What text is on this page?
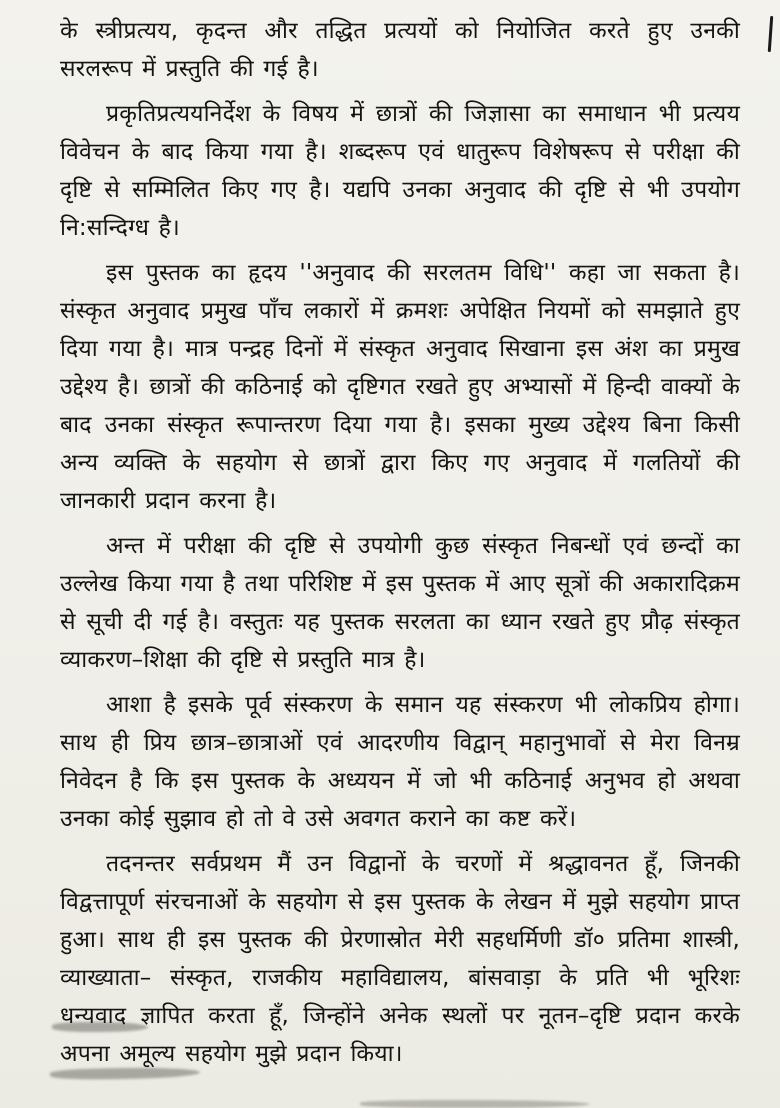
के स्त्रीप्रत्यय, कृदन्त और तद्धित प्रत्ययों को नियोजित करते हुए उनकी सरलरूप में प्रस्तुति की गई है।

प्रकृतिप्रत्ययनिर्देश के विषय में छात्रों की जिज्ञासा का समाधान भी प्रत्यय विवेचन के बाद किया गया है। शब्दरूप एवं धातुरूप विशेषरूप से परीक्षा की दृष्टि से सम्मिलित किए गए है। यद्यपि उनका अनुवाद की दृष्टि से भी उपयोग नि:सन्दिग्ध है।

इस पुस्तक का हृदय ''अनुवाद की सरलतम विधि'' कहा जा सकता है। संस्कृत अनुवाद प्रमुख पाँच लकारों में क्रमशः अपेक्षित नियमों को समझाते हुए दिया गया है। मात्र पन्द्रह दिनों में संस्कृत अनुवाद सिखाना इस अंश का प्रमुख उद्देश्य है। छात्रों की कठिनाई को दृष्टिगत रखते हुए अभ्यासों में हिन्दी वाक्यों के बाद उनका संस्कृत रूपान्तरण दिया गया है। इसका मुख्य उद्देश्य बिना किसी अन्य व्यक्ति के सहयोग से छात्रों द्वारा किए गए अनुवाद में गलतियों की जानकारी प्रदान करना है।

अन्त में परीक्षा की दृष्टि से उपयोगी कुछ संस्कृत निबन्धों एवं छन्दों का उल्लेख किया गया है तथा परिशिष्ट में इस पुस्तक में आए सूत्रों की अकारादिक्रम से सूची दी गई है। वस्तुतः यह पुस्तक सरलता का ध्यान रखते हुए प्रौढ़ संस्कृत व्याकरण–शिक्षा की दृष्टि से प्रस्तुति मात्र है।

आशा है इसके पूर्व संस्करण के समान यह संस्करण भी लोकप्रिय होगा। साथ ही प्रिय छात्र–छात्राओं एवं आदरणीय विद्वान् महानुभावों से मेरा विनम्र निवेदन है कि इस पुस्तक के अध्ययन में जो भी कठिनाई अनुभव हो अथवा उनका कोई सुझाव हो तो वे उसे अवगत कराने का कष्ट करें।

तदनन्तर सर्वप्रथम मैं उन विद्वानों के चरणों में श्रद्धावनत हूँ, जिनकी विद्वत्तापूर्ण संरचनाओं के सहयोग से इस पुस्तक के लेखन में मुझे सहयोग प्राप्त हुआ। साथ ही इस पुस्तक की प्रेरणास्रोत मेरी सहधर्मिणी डॉ० प्रतिमा शास्त्री, व्याख्याता– संस्कृत, राजकीय महाविद्यालय, बांसवाड़ा के प्रति भी भूरिशः धन्यवाद ज्ञापित करता हूँ, जिन्होंने अनेक स्थलों पर नूतन–दृष्टि प्रदान करके अपना अमूल्य सहयोग मुझे प्रदान किया।
